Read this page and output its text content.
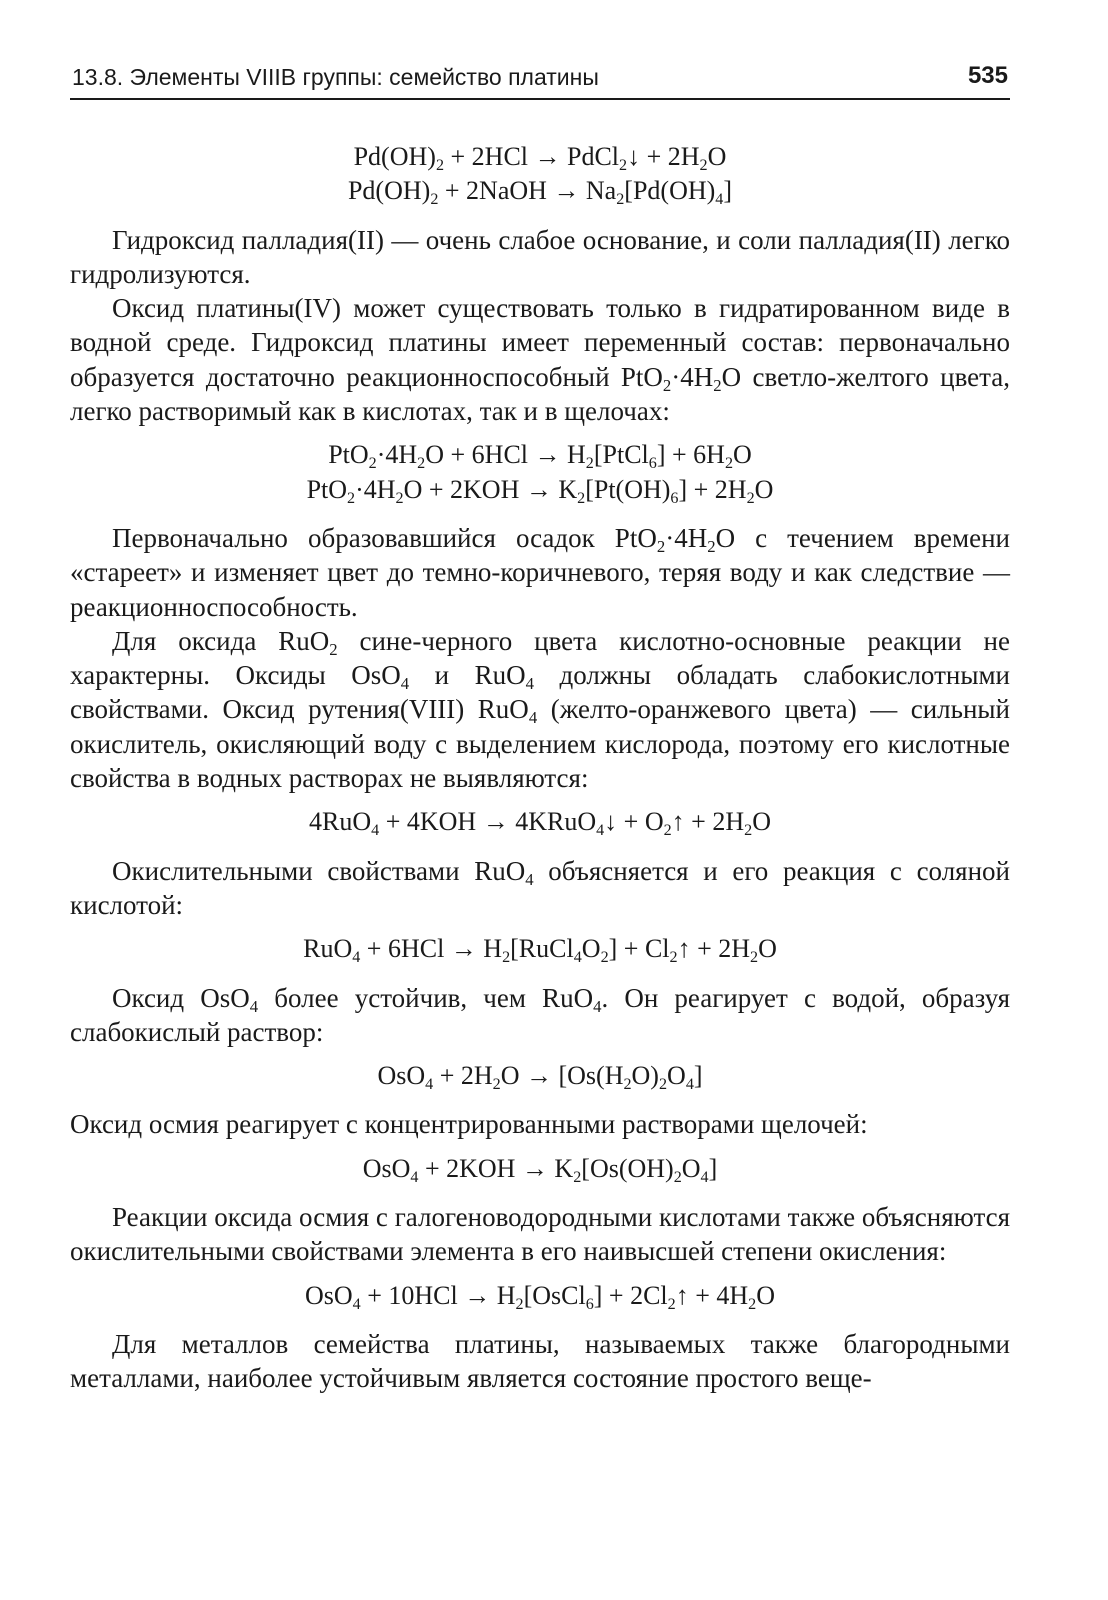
13.8. Элементы VIIIB группы: семейство платины	535
$Pd(OH)_2 + 2HCl$ → PdCl$_2$↓ + $2H_2O$
$Pd(OH)_2$ + 2NaOH → $Na_2[Pd(OH)_4]$

Гидроксид палладия(II) — очень слабое основание, и соли палладия(II) легко гидролизуются.

Оксид платины(IV) может существовать только в гидратированном виде в водной среде. Гидроксид платины имеет переменный состав: первоначально образуется достаточно реакционноспособный $PtO_2\cdot 4H_2O$ светло-желтого цвета, легко растворимый как в кислотах, так и в щелочах:

$PtO_2\cdot 4H_2O + 6HCl$ → $H_2[PtCl_6] + 6H_2O$
$PtO_2\cdot 4H_2O + 2KOH \to K_2[Pt(OH)_6] + 2H_2O$

Первоначально образовавшийся осадок $PtO_2\cdot 4H_2O$ с течением времени «стареет» и изменяет цвет до темно-коричневого, теряя воду и как следствие — реакционноспособность.

Для оксида RuO$_2$ сине-черного цвета кислотно-основные реакции не характерны. Оксиды OsO$_4$ и RuO$_4$ должны обладать слабокислотными свойствами. Оксид рутения(VIII) RuO$_4$ (желто-оранжевого цвета) — сильный окислитель, окисляющий воду с выделением кислорода, поэтому его кислотные свойства в водных растворах не выявляются:

4RuO$_4$ + 4KOH → 4KRuO$_4$↓ + $O_2↑ + 2H_2O$

Окислительными свойствами RuO$_4$ объясняется и его реакция с соляной кислотой:

$RuO_4 + 6HCl \to H_2[RuCl_4O_2]$ + $Cl_2↑ + 2H_2O$

Оксид OsO$_4$ более устойчив, чем RuO$_4$. Он реагирует с водой, образуя слабокислый раствор:

$OsO_4 + 2H_2O \to [Os(H_2O)_2O_4]$

Оксид осмия реагирует с концентрированными растворами щелочей:

$OsO_4 + 2KOH \to K_2[Os(OH)_2O_4]$

Реакции оксида осмия с галогеноводородными кислотами также объясняются окислительными свойствами элемента в его наивысшей степени окисления:

$OsO_4 + 10HCl \to H_2[OsCl_6]$ + $2Cl_2↑ + 4H_2O$

Для металлов семейства платины, называемых также благородными металлами, наиболее устойчивым является состояние простого веще-
